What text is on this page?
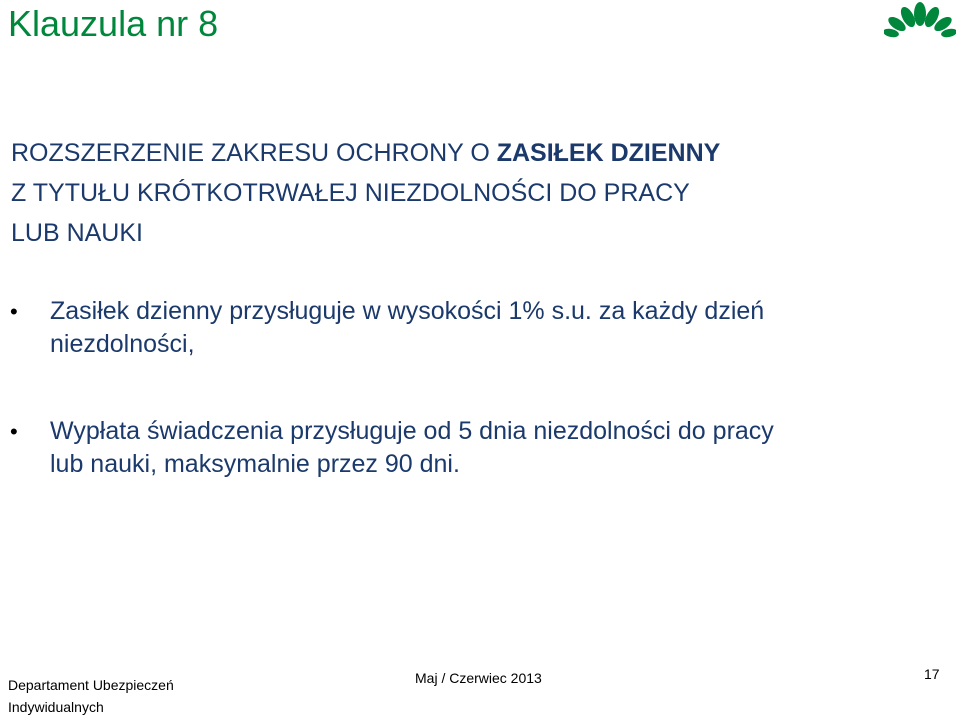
Klauzula nr 8
ROZSZERZENIE ZAKRESU OCHRONY O ZASIŁEK DZIENNY
Z TYTUŁU KRÓTKOTRWAŁEJ NIEZDOLNOŚCI DO PRACY
LUB NAUKI
• Zasiłek dzienny przysługuje w wysokości 1% s.u. za każdy dzień
niezdolności,
• Wypłata świadczenia przysługuje od 5 dnia niezdolności do pracy
lub nauki, maksymalnie przez 90 dni.
Departament Ubezpieczeń
Indywidualnych
Maj / Czerwiec 2013	17
